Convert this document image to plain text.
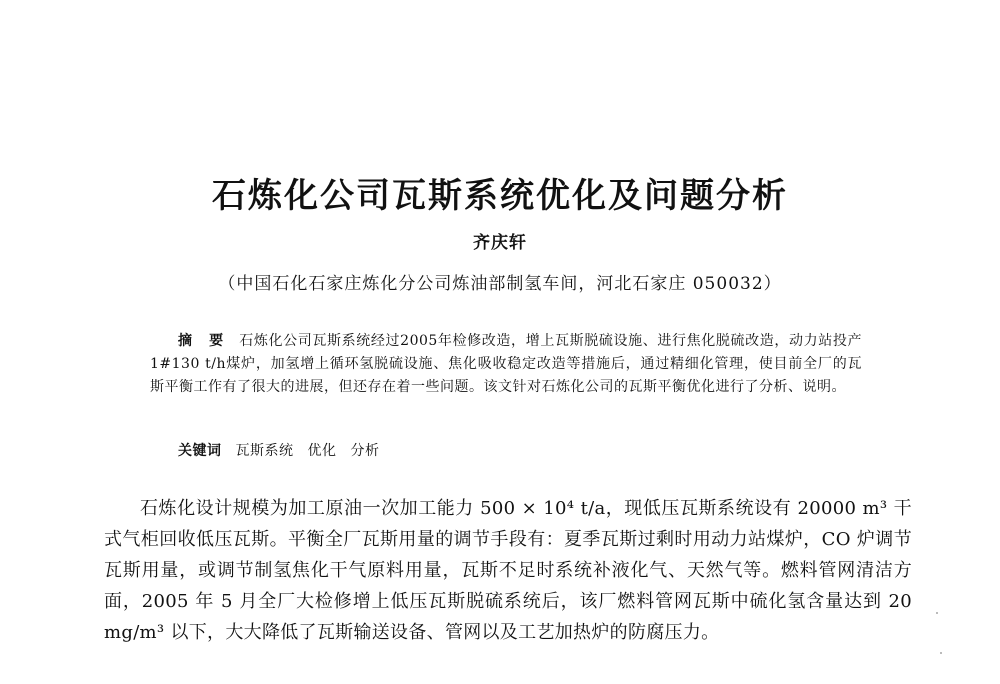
石炼化公司瓦斯系统优化及问题分析
齐庆轩
（中国石化石家庄炼化分公司炼油部制氢车间，河北石家庄 050032）
摘 要 石炼化公司瓦斯系统经过2005年检修改造，增上瓦斯脱硫设施、进行焦化脱硫改造，动力站投产1#130 t/h煤炉，加氢增上循环氢脱硫设施、焦化吸收稳定改造等措施后，通过精细化管理，使目前全厂的瓦斯平衡工作有了很大的进展，但还存在着一些问题。该文针对石炼化公司的瓦斯平衡优化进行了分析、说明。
关键词 瓦斯系统 优化 分析
石炼化设计规模为加工原油一次加工能力 500 × 10⁴ t/a，现低压瓦斯系统设有 20000 m³ 干式气柜回收低压瓦斯。平衡全厂瓦斯用量的调节手段有：夏季瓦斯过剩时用动力站煤炉，CO 炉调节瓦斯用量，或调节制氢焦化干气原料用量，瓦斯不足时系统补液化气、天然气等。燃料管网清洁方面，2005 年 5 月全厂大检修增上低压瓦斯脱硫系统后，该厂燃料管网瓦斯中硫化氢含量达到 20 mg/m³ 以下，大大降低了瓦斯输送设备、管网以及工艺加热炉的防腐压力。
